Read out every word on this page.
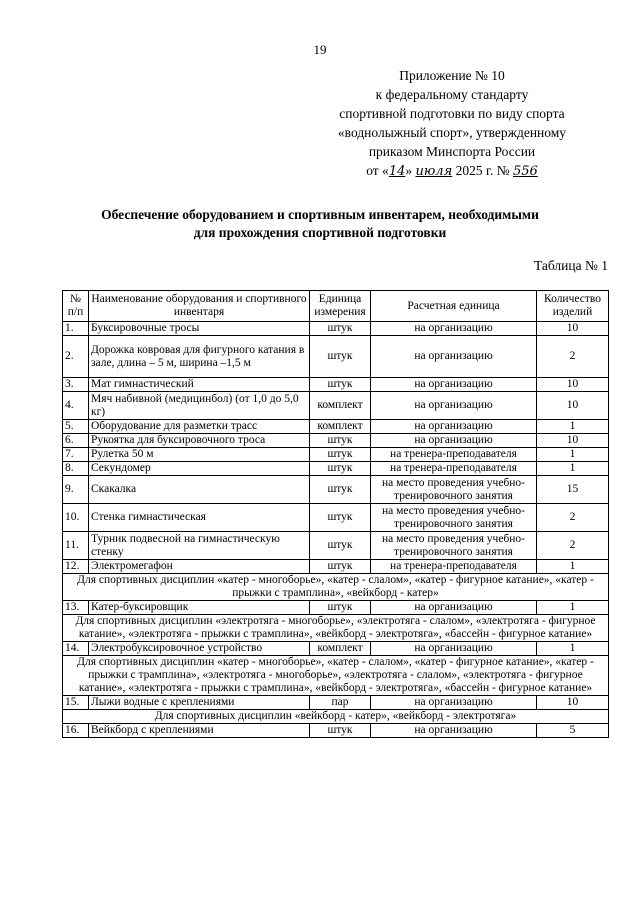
19
Приложение № 10
к федеральному стандарту
спортивной подготовки по виду спорта
«воднолыжный спорт», утвержденному
приказом Минспорта России
от «14» июля 2025 г. № 556
Обеспечение оборудованием и спортивным инвентарем, необходимыми
для прохождения спортивной подготовки
Таблица № 1
№ п/п	Наименование оборудования и спортивного инвентаря	Единица измерения	Расчетная единица	Количество изделий
1.	Буксировочные тросы	штук	на организацию	10
2.	Дорожка ковровая для фигурного катания в зале, длина – 5 м, ширина –1,5 м	штук	на организацию	2
3.	Мат гимнастический	штук	на организацию	10
4.	Мяч набивной (медицинбол) (от 1,0 до 5,0 кг)	комплект	на организацию	10
5.	Оборудование для разметки трасс	комплект	на организацию	1
6.	Рукоятка для буксировочного троса	штук	на организацию	10
7.	Рулетка 50 м	штук	на тренера-преподавателя	1
8.	Секундомер	штук	на тренера-преподавателя	1
9.	Скакалка	штук	на место проведения учебно-тренировочного занятия	15
10.	Стенка гимнастическая	штук	на место проведения учебно-тренировочного занятия	2
11.	Турник подвесной на гимнастическую стенку	штук	на место проведения учебно-тренировочного занятия	2
12.	Электромегафон	штук	на тренера-преподавателя	1
Для спортивных дисциплин «катер - многоборье», «катер - слалом», «катер - фигурное катание», «катер - прыжки с трамплина», «вейкборд - катер»				
13.	Катер-буксировщик	штук	на организацию	1
Для спортивных дисциплин «электротяга - многоборье», «электротяга - слалом», «электротяга - фигурное катание», «электротяга - прыжки с трамплина», «вейкборд - электротяга», «бассейн - фигурное катание»				
14.	Электробуксировочное устройство	комплект	на организацию	1
Для спортивных дисциплин «катер - многоборье», «катер - слалом», «катер - фигурное катание», «катер - прыжки с трамплина», «электротяга - многоборье», «электротяга - слалом», «электротяга - фигурное катание», «электротяга - прыжки с трамплина», «вейкборд - электротяга», «бассейн - фигурное катание»				
15.	Лыжи водные с креплениями	пар	на организацию	10
Для спортивных дисциплин «вейкборд - катер», «вейкборд - электротяга»				
16.	Вейкборд с креплениями	штук	на организацию	5
